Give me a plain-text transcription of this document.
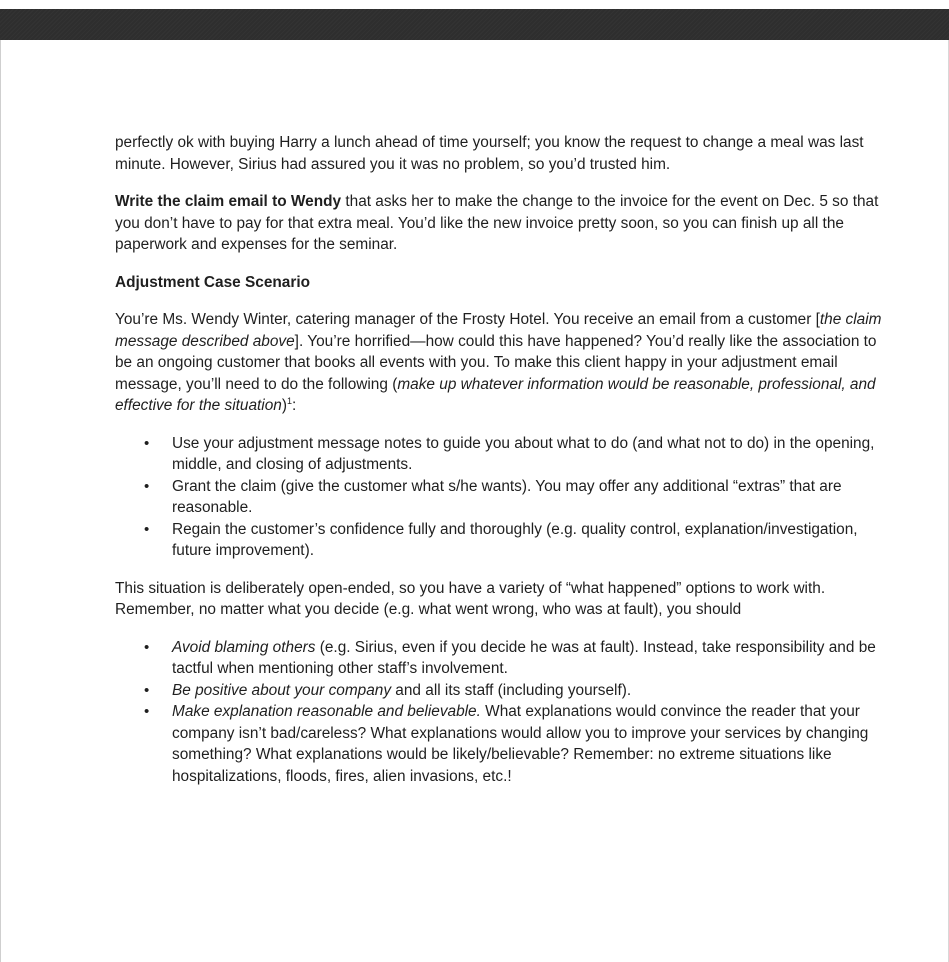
perfectly ok with buying Harry a lunch ahead of time yourself; you know the request to change a meal was last minute. However, Sirius had assured you it was no problem, so you’d trusted him.

Write the claim email to Wendy that asks her to make the change to the invoice for the event on Dec. 5 so that you don’t have to pay for that extra meal. You’d like the new invoice pretty soon, so you can finish up all the paperwork and expenses for the seminar.

Adjustment Case Scenario

You’re Ms. Wendy Winter, catering manager of the Frosty Hotel. You receive an email from a customer [the claim message described above]. You’re horrified—how could this have happened? You’d really like the association to be an ongoing customer that books all events with you. To make this client happy in your adjustment email message, you’ll need to do the following (make up whatever information would be reasonable, professional, and effective for the situation)$^1$:

• Use your adjustment message notes to guide you about what to do (and what not to do) in the opening, middle, and closing of adjustments.
• Grant the claim (give the customer what s/he wants). You may offer any additional “extras” that are reasonable.
• Regain the customer’s confidence fully and thoroughly (e.g. quality control, explanation/investigation, future improvement).

This situation is deliberately open-ended, so you have a variety of “what happened” options to work with. Remember, no matter what you decide (e.g. what went wrong, who was at fault), you should

• Avoid blaming others (e.g. Sirius, even if you decide he was at fault). Instead, take responsibility and be tactful when mentioning other staff’s involvement.
• Be positive about your company and all its staff (including yourself).
• Make explanation reasonable and believable. What explanations would convince the reader that your company isn’t bad/careless? What explanations would allow you to improve your services by changing something? What explanations would be likely/believable? Remember: no extreme situations like hospitalizations, floods, fires, alien invasions, etc.!
